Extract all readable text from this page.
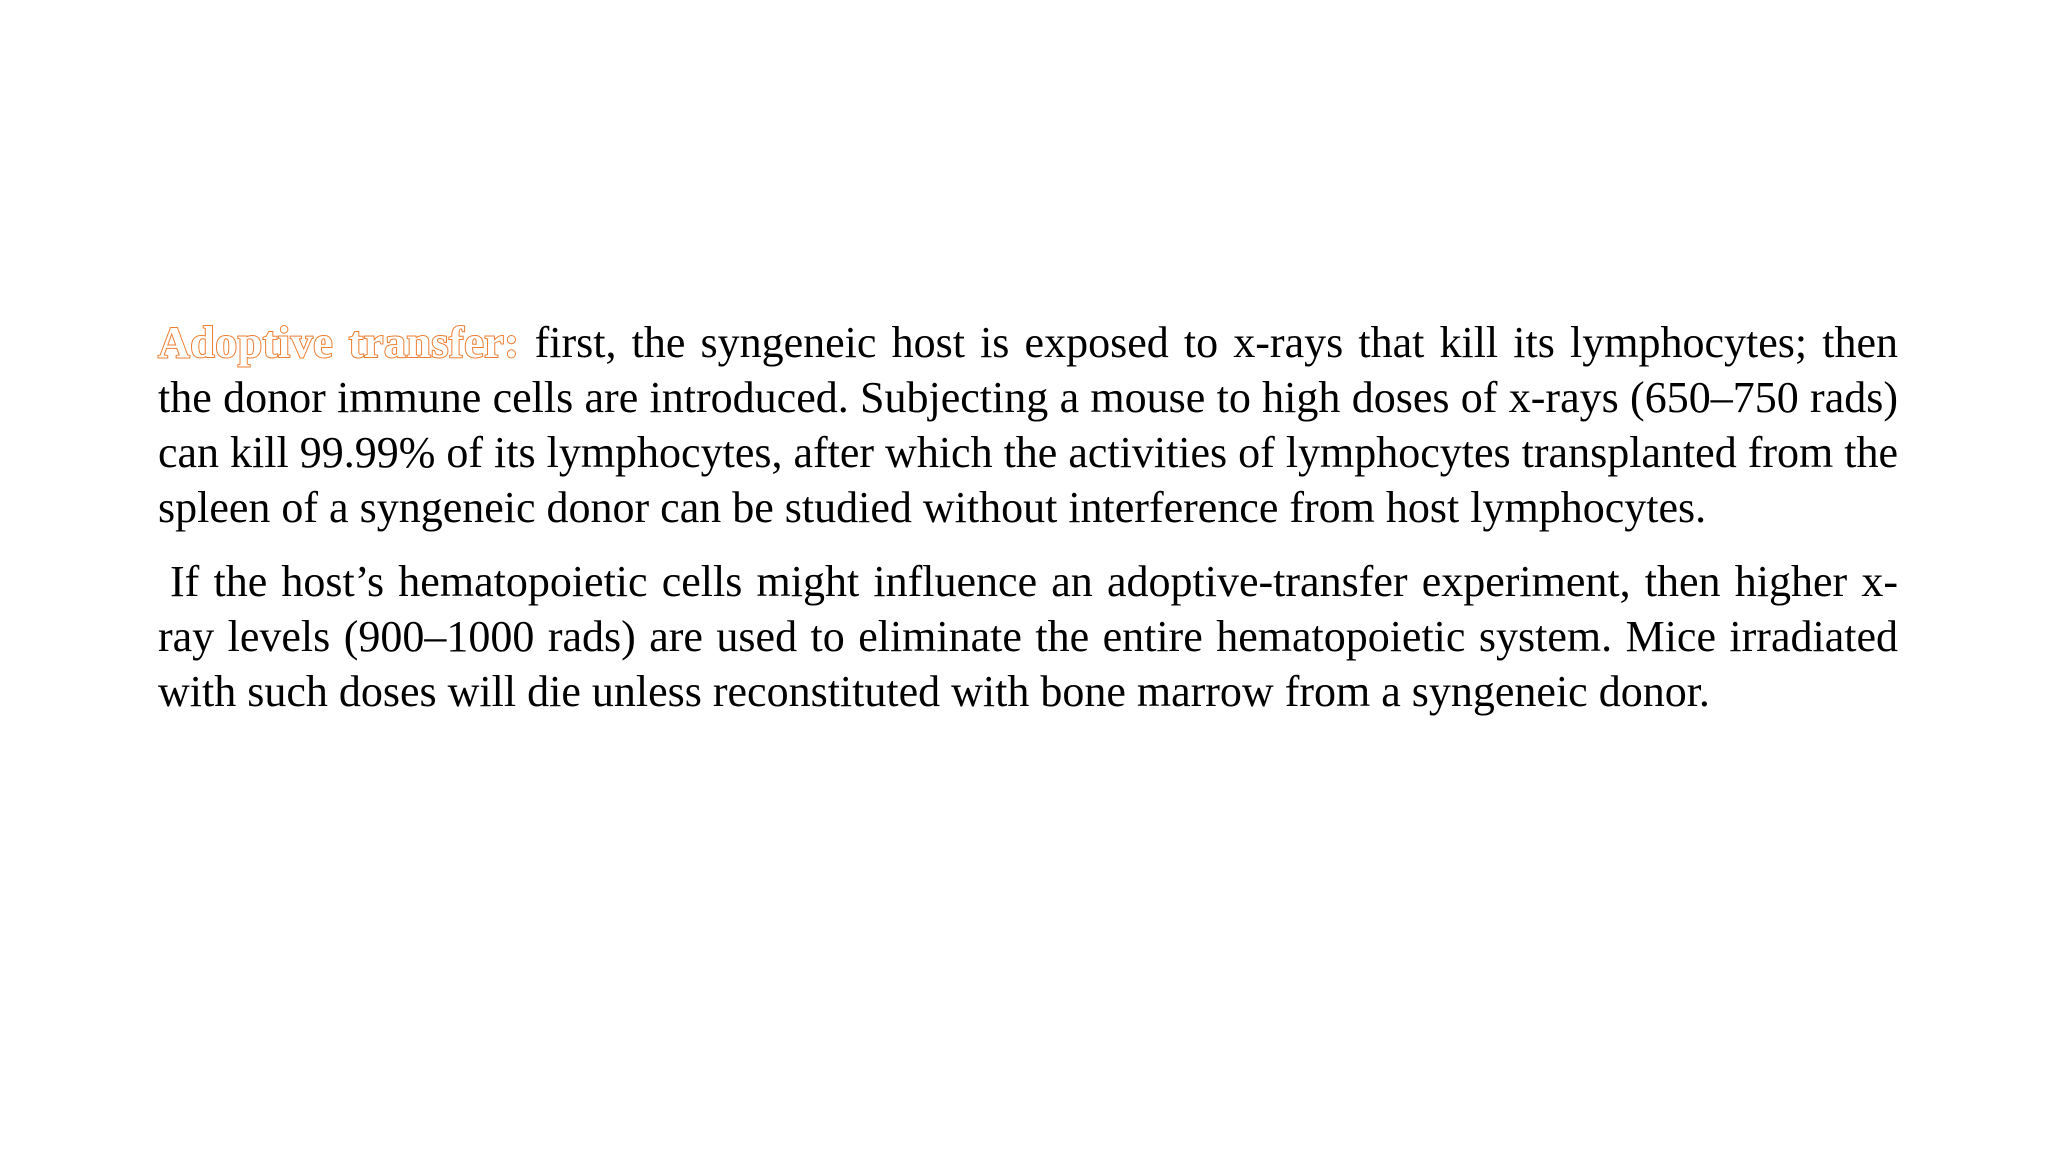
Adoptive transfer: first, the syngeneic host is exposed to x-rays that kill its lymphocytes; then the donor immune cells are introduced. Subjecting a mouse to high doses of x-rays (650–750 rads) can kill 99.99% of its lymphocytes, after which the activities of lymphocytes transplanted from the spleen of a syngeneic donor can be studied without interference from host lymphocytes.

If the host’s hematopoietic cells might influence an adoptive-transfer experiment, then higher x-ray levels (900–1000 rads) are used to eliminate the entire hematopoietic system. Mice irradiated with such doses will die unless reconstituted with bone marrow from a syngeneic donor.
